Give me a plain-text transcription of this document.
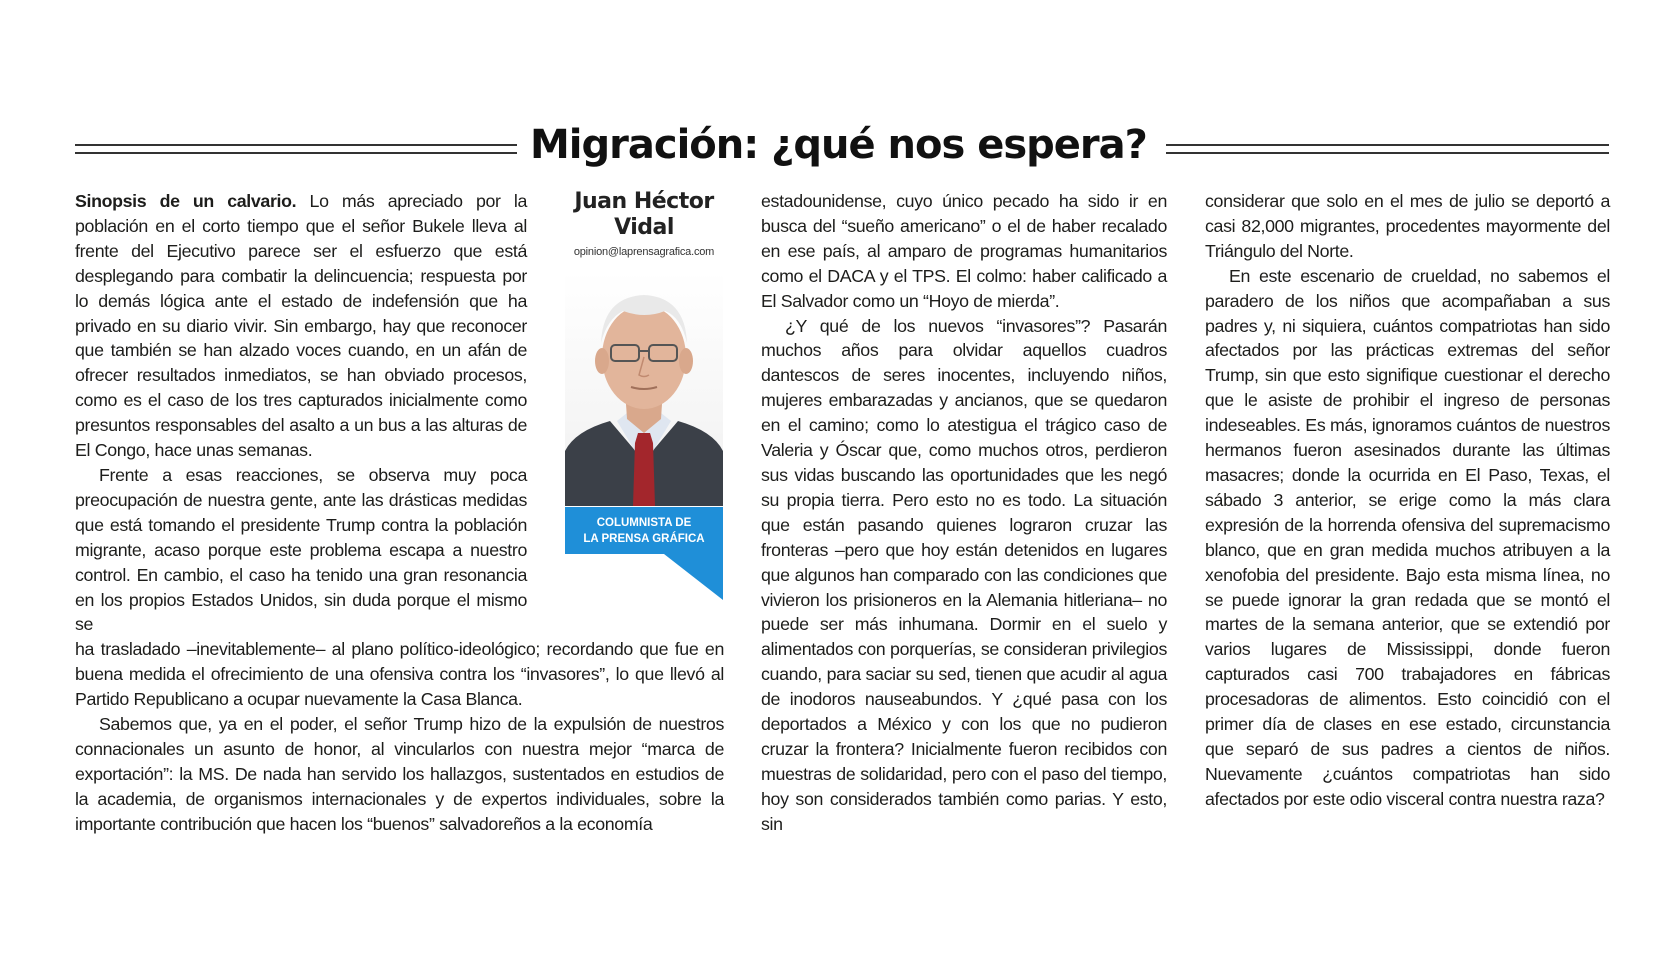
Migración: ¿qué nos espera?

Sinopsis de un calvario. Lo más apreciado por la población en el corto tiempo que el señor Bukele lleva al frente del Ejecutivo parece ser el esfuerzo que está desplegando para combatir la delincuencia; respuesta por lo demás lógica ante el estado de indefensión que ha privado en su diario vivir. Sin embargo, hay que reconocer que también se han alzado voces cuando, en un afán de ofrecer resultados inmediatos, se han obviado procesos, como es el caso de los tres capturados inicialmente como presuntos responsables del asalto a un bus a las alturas de El Congo, hace unas semanas.

Frente a esas reacciones, se observa muy poca preocupación de nuestra gente, ante las drásticas medidas que está tomando el presidente Trump contra la población migrante, acaso porque este problema escapa a nuestro control. En cambio, el caso ha tenido una gran resonancia en los propios Estados Unidos, sin duda porque el mismo se

ha trasladado –inevitablemente– al plano político-ideológico; recordando que fue en buena medida el ofrecimiento de una ofensiva contra los “invasores”, lo que llevó al Partido Republicano a ocupar nuevamente la Casa Blanca.

Sabemos que, ya en el poder, el señor Trump hizo de la expulsión de nuestros connacionales un asunto de honor, al vincularlos con nuestra mejor “marca de exportación”: la MS. De nada han servido los hallazgos, sustentados en estudios de la academia, de organismos internacionales y de expertos individuales, sobre la importante contribución que hacen los “buenos” salvadoreños a la economía

Juan Héctor
Vidal
opinion@laprensagrafica.com
COLUMNISTA DE
LA PRENSA GRÁFICA

estadounidense, cuyo único pecado ha sido ir en busca del “sueño americano” o el de haber recalado en ese país, al amparo de programas humanitarios como el DACA y el TPS. El colmo: haber calificado a El Salvador como un “Hoyo de mierda”.

¿Y qué de los nuevos “invasores”? Pasarán muchos años para olvidar aquellos cuadros dantescos de seres inocentes, incluyendo niños, mujeres embarazadas y ancianos, que se quedaron en el camino; como lo atestigua el trágico caso de Valeria y Óscar que, como muchos otros, perdieron sus vidas buscando las oportunidades que les negó su propia tierra. Pero esto no es todo. La situación que están pasando quienes lograron cruzar las fronteras –pero que hoy están detenidos en lugares que algunos han comparado con las condiciones que vivieron los prisioneros en la Alemania hitleriana– no puede ser más inhumana. Dormir en el suelo y alimentados con porquerías, se consideran privilegios cuando, para saciar su sed, tienen que acudir al agua de inodoros nauseabundos. Y ¿qué pasa con los deportados a México y con los que no pudieron cruzar la frontera? Inicialmente fueron recibidos con muestras de solidaridad, pero con el paso del tiempo, hoy son considerados también como parias. Y esto, sin

considerar que solo en el mes de julio se deportó a casi 82,000 migrantes, procedentes mayormente del Triángulo del Norte.

En este escenario de crueldad, no sabemos el paradero de los niños que acompañaban a sus padres y, ni siquiera, cuántos compatriotas han sido afectados por las prácticas extremas del señor Trump, sin que esto signifique cuestionar el derecho que le asiste de prohibir el ingreso de personas indeseables. Es más, ignoramos cuántos de nuestros hermanos fueron asesinados durante las últimas masacres; donde la ocurrida en El Paso, Texas, el sábado 3 anterior, se erige como la más clara expresión de la horrenda ofensiva del supremacismo blanco, que en gran medida muchos atribuyen a la xenofobia del presidente. Bajo esta misma línea, no se puede ignorar la gran redada que se montó el martes de la semana anterior, que se extendió por varios lugares de Mississippi, donde fueron capturados casi 700 trabajadores en fábricas procesadoras de alimentos. Esto coincidió con el primer día de clases en ese estado, circunstancia que separó de sus padres a cientos de niños. Nuevamente ¿cuántos compatriotas han sido afectados por este odio visceral contra nuestra raza?
